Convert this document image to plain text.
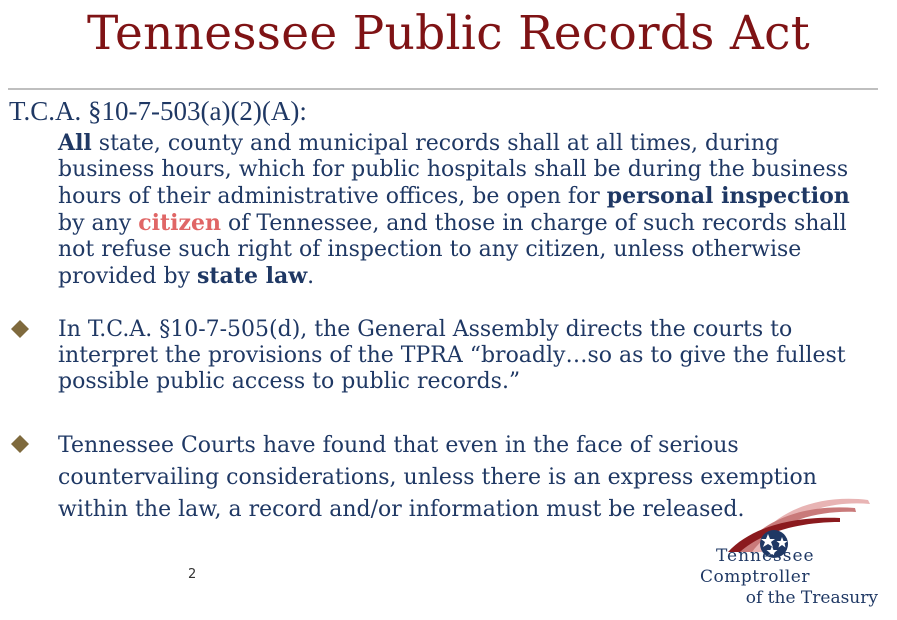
Tennessee Public Records Act
T.C.A. §10-7-503(a)(2)(A):
All state, county and municipal records shall at all times, during business hours, which for public hospitals shall be during the business hours of their administrative offices, be open for personal inspection by any citizen of Tennessee, and those in charge of such records shall not refuse such right of inspection to any citizen, unless otherwise provided by state law.
In T.C.A. §10-7-505(d), the General Assembly directs the courts to interpret the provisions of the TPRA “broadly…so as to give the fullest possible public access to public records.”
Tennessee Courts have found that even in the face of serious countervailing considerations, unless there is an express exemption within the law, a record and/or information must be released.
2
Tennessee
Comptroller
of the Treasury
